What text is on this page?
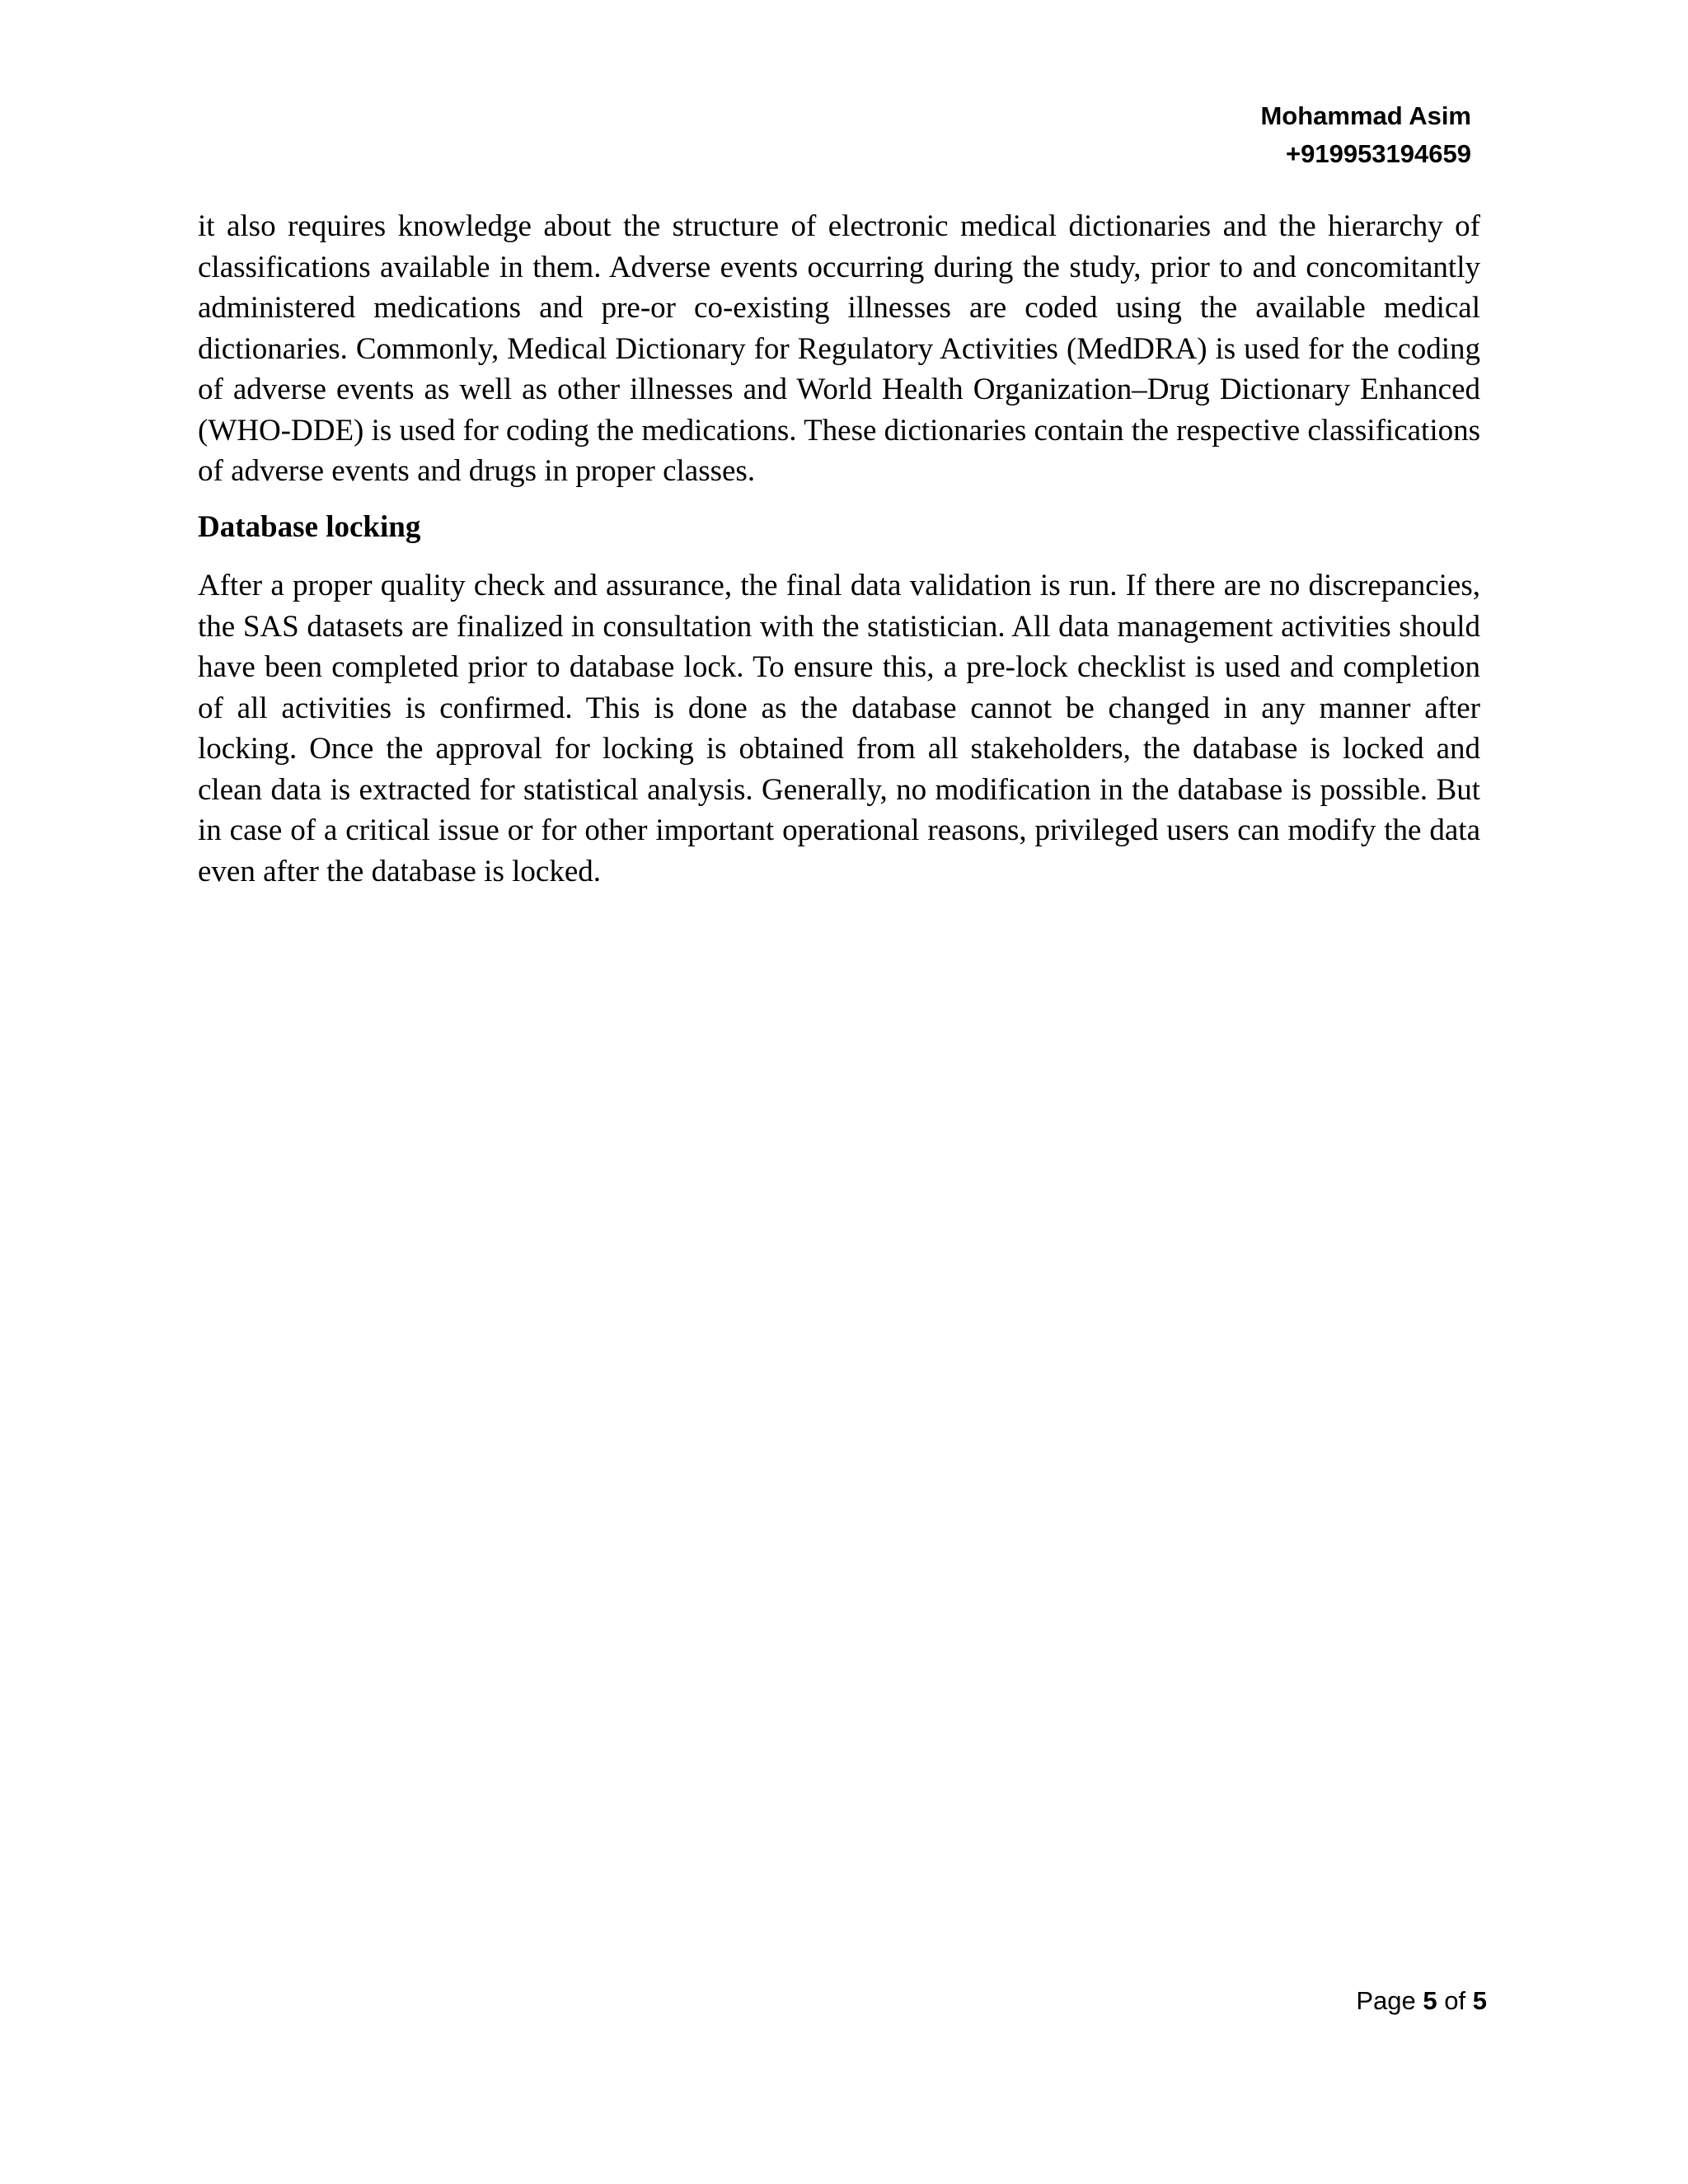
Mohammad Asim
+919953194659

it also requires knowledge about the structure of electronic medical dictionaries and the hierarchy of classifications available in them. Adverse events occurring during the study, prior to and concomitantly administered medications and pre-or co-existing illnesses are coded using the available medical dictionaries. Commonly, Medical Dictionary for Regulatory Activities (MedDRA) is used for the coding of adverse events as well as other illnesses and World Health Organization–Drug Dictionary Enhanced (WHO-DDE) is used for coding the medications. These dictionaries contain the respective classifications of adverse events and drugs in proper classes.

Database locking

After a proper quality check and assurance, the final data validation is run. If there are no discrepancies, the SAS datasets are finalized in consultation with the statistician. All data management activities should have been completed prior to database lock. To ensure this, a pre-lock checklist is used and completion of all activities is confirmed. This is done as the database cannot be changed in any manner after locking. Once the approval for locking is obtained from all stakeholders, the database is locked and clean data is extracted for statistical analysis. Generally, no modification in the database is possible. But in case of a critical issue or for other important operational reasons, privileged users can modify the data even after the database is locked.

Page 5 of 5
